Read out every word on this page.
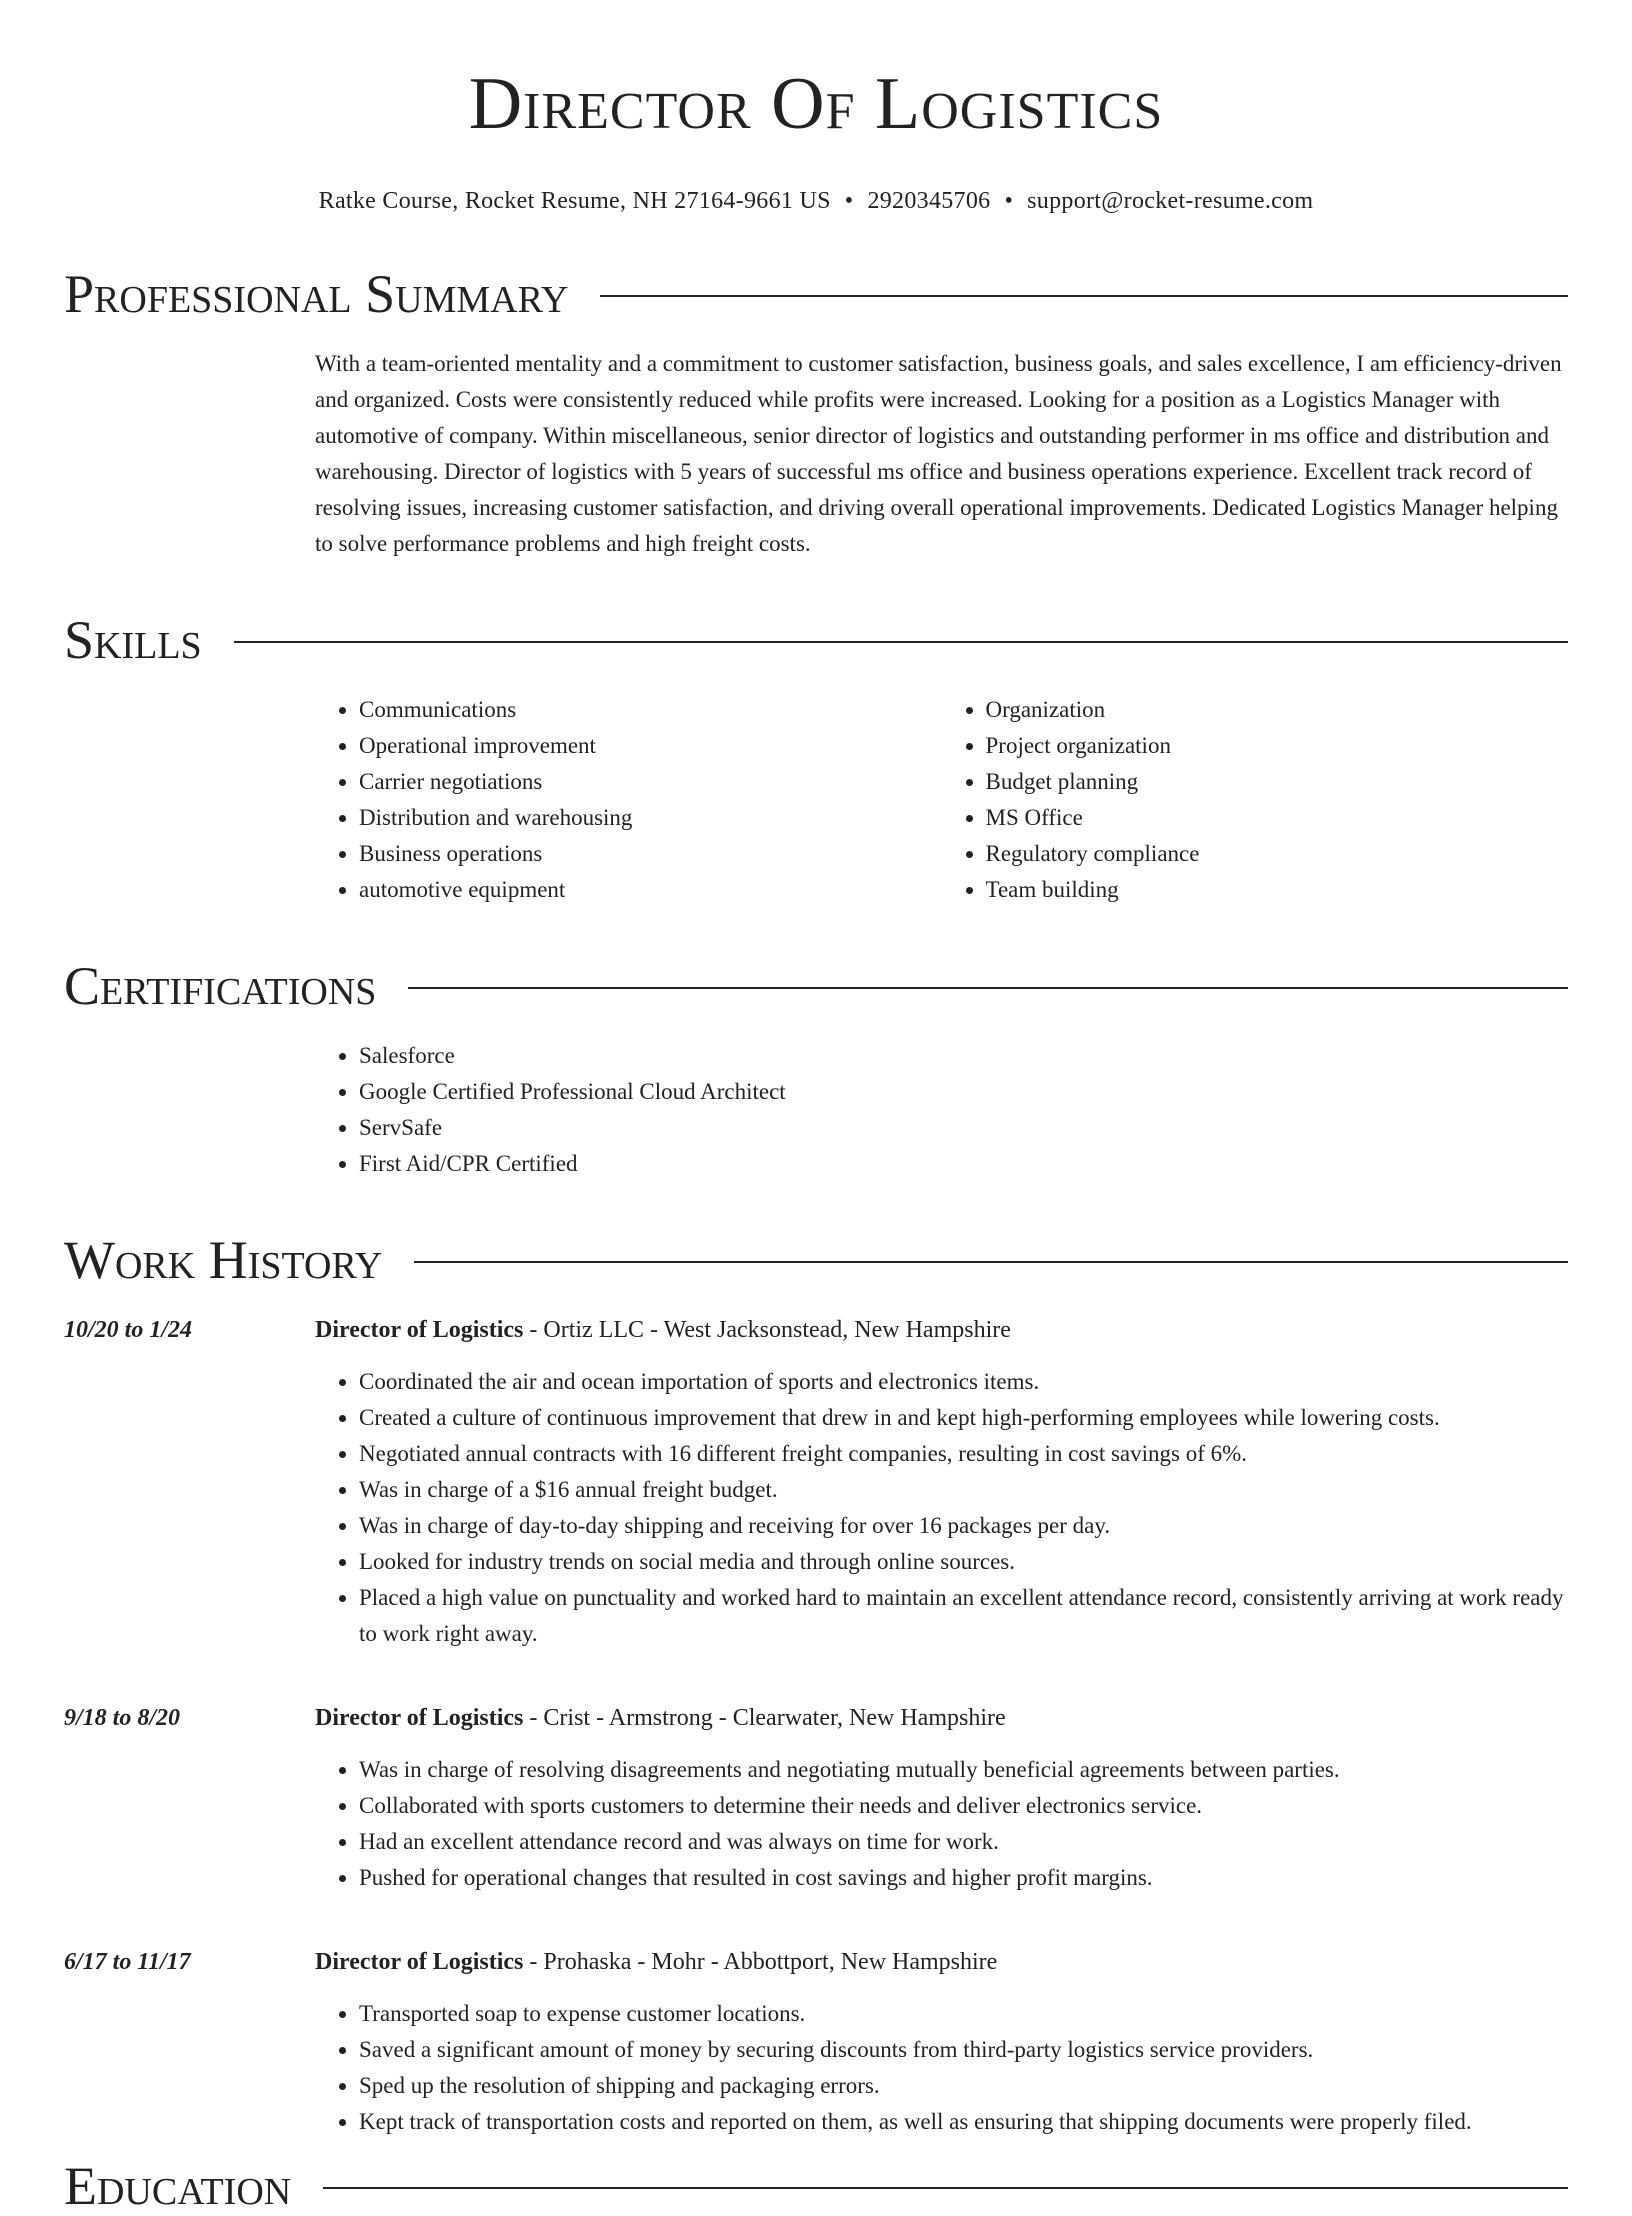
Director Of Logistics
Ratke Course, Rocket Resume, NH 27164-9661 US • 2920345706 • support@rocket-resume.com
Professional Summary
With a team-oriented mentality and a commitment to customer satisfaction, business goals, and sales excellence, I am efficiency-driven and organized. Costs were consistently reduced while profits were increased. Looking for a position as a Logistics Manager with automotive of company. Within miscellaneous, senior director of logistics and outstanding performer in ms office and distribution and warehousing. Director of logistics with 5 years of successful ms office and business operations experience. Excellent track record of resolving issues, increasing customer satisfaction, and driving overall operational improvements. Dedicated Logistics Manager helping to solve performance problems and high freight costs.
Skills
• Communications
• Operational improvement
• Carrier negotiations
• Distribution and warehousing
• Business operations
• automotive equipment
• Organization
• Project organization
• Budget planning
• MS Office
• Regulatory compliance
• Team building
Certifications
• Salesforce
• Google Certified Professional Cloud Architect
• ServSafe
• First Aid/CPR Certified
Work History
10/20 to 1/24	Director of Logistics - Ortiz LLC - West Jacksonstead, New Hampshire
• Coordinated the air and ocean importation of sports and electronics items.
• Created a culture of continuous improvement that drew in and kept high-performing employees while lowering costs.
• Negotiated annual contracts with 16 different freight companies, resulting in cost savings of 6%.
• Was in charge of a $16 annual freight budget.
• Was in charge of day-to-day shipping and receiving for over 16 packages per day.
• Looked for industry trends on social media and through online sources.
• Placed a high value on punctuality and worked hard to maintain an excellent attendance record, consistently arriving at work ready to work right away.
9/18 to 8/20	Director of Logistics - Crist - Armstrong - Clearwater, New Hampshire
• Was in charge of resolving disagreements and negotiating mutually beneficial agreements between parties.
• Collaborated with sports customers to determine their needs and deliver electronics service.
• Had an excellent attendance record and was always on time for work.
• Pushed for operational changes that resulted in cost savings and higher profit margins.
6/17 to 11/17	Director of Logistics - Prohaska - Mohr - Abbottport, New Hampshire
• Transported soap to expense customer locations.
• Saved a significant amount of money by securing discounts from third-party logistics service providers.
• Sped up the resolution of shipping and packaging errors.
• Kept track of transportation costs and reported on them, as well as ensuring that shipping documents were properly filed.
Education
